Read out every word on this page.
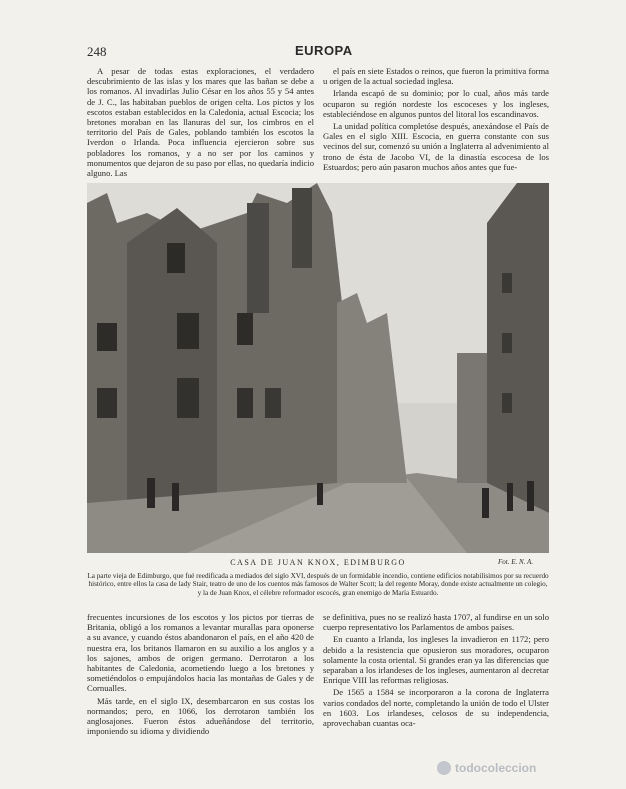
248	EUROPA

A pesar de todas estas exploraciones, el verdadero descubrimiento de las islas y los mares que las bañan se debe a los romanos. Al invadirlas Julio César en los años 55 y 54 antes de J. C., las habitaban pueblos de origen celta. Los pictos y los escotos estaban establecidos en la Caledonia, actual Escocia; los bretones moraban en las llanuras del sur, los cimbros en el territorio del País de Gales, poblando también los escotos la Iverdon o Irlanda. Poca influencia ejercieron sobre sus pobladores los romanos, y a no ser por los caminos y monumentos que dejaron de su paso por ellas, no quedaría indicio alguno. Las

el país en siete Estados o reinos, que fueron la primitiva forma u origen de la actual sociedad inglesa.

Irlanda escapó de su dominio; por lo cual, años más tarde ocuparon su región nordeste los escoceses y los ingleses, estableciéndose en algunos puntos del litoral los escandinavos.

La unidad política completóse después, anexándose el País de Gales en el siglo XIII. Escocia, en guerra constante con sus vecinos del sur, comenzó su unión a Inglaterra al advenimiento al trono de ésta de Jacobo VI, de la dinastía escocesa de los Estuardos; pero aún pasaron muchos años antes que fue-

CASA DE JUAN KNOX, EDIMBURGO	Fot. E. N. A.
La parte vieja de Edimburgo, que fué reedificada a mediados del siglo XVI, después de un formidable incendio, contiene edificios notabilísimos por su recuerdo histórico, entre ellos la casa de lady Stair, teatro de uno de los cuentos más famosos de Walter Scott; la del regente Moray, donde existe actualmente un colegio, y la de Juan Knox, el célebre reformador escocés, gran enemigo de María Estuardo.

frecuentes incursiones de los escotos y los pictos por tierras de Britania, obligó a los romanos a levantar murallas para oponerse a su avance, y cuando éstos abandonaron el país, en el año 420 de nuestra era, los britanos llamaron en su auxilio a los anglos y a los sajones, ambos de origen germano. Derrotaron a los habitantes de Caledonia, acometiendo luego a los bretones y sometiéndolos o empujándolos hacia las montañas de Gales y de Cornualles.

Más tarde, en el siglo IX, desembarcaron en sus costas los normandos; pero, en 1066, los derrotaron también los anglosajones. Fueron éstos adueñándose del territorio, imponiendo su idioma y dividiendo

se definitiva, pues no se realizó hasta 1707, al fundirse en un solo cuerpo representativo los Parlamentos de ambos países.

En cuanto a Irlanda, los ingleses la invadieron en 1172; pero debido a la resistencia que opusieron sus moradores, ocuparon solamente la costa oriental. Si grandes eran ya las diferencias que separaban a los irlandeses de los ingleses, aumentaron al decretar Enrique VIII las reformas religiosas.

De 1565 a 1584 se incorporaron a la corona de Inglaterra varios condados del norte, completando la unión de todo el Ulster en 1603. Los irlandeses, celosos de su independencia, aprovechaban cuantas oca-

todocoleccion
